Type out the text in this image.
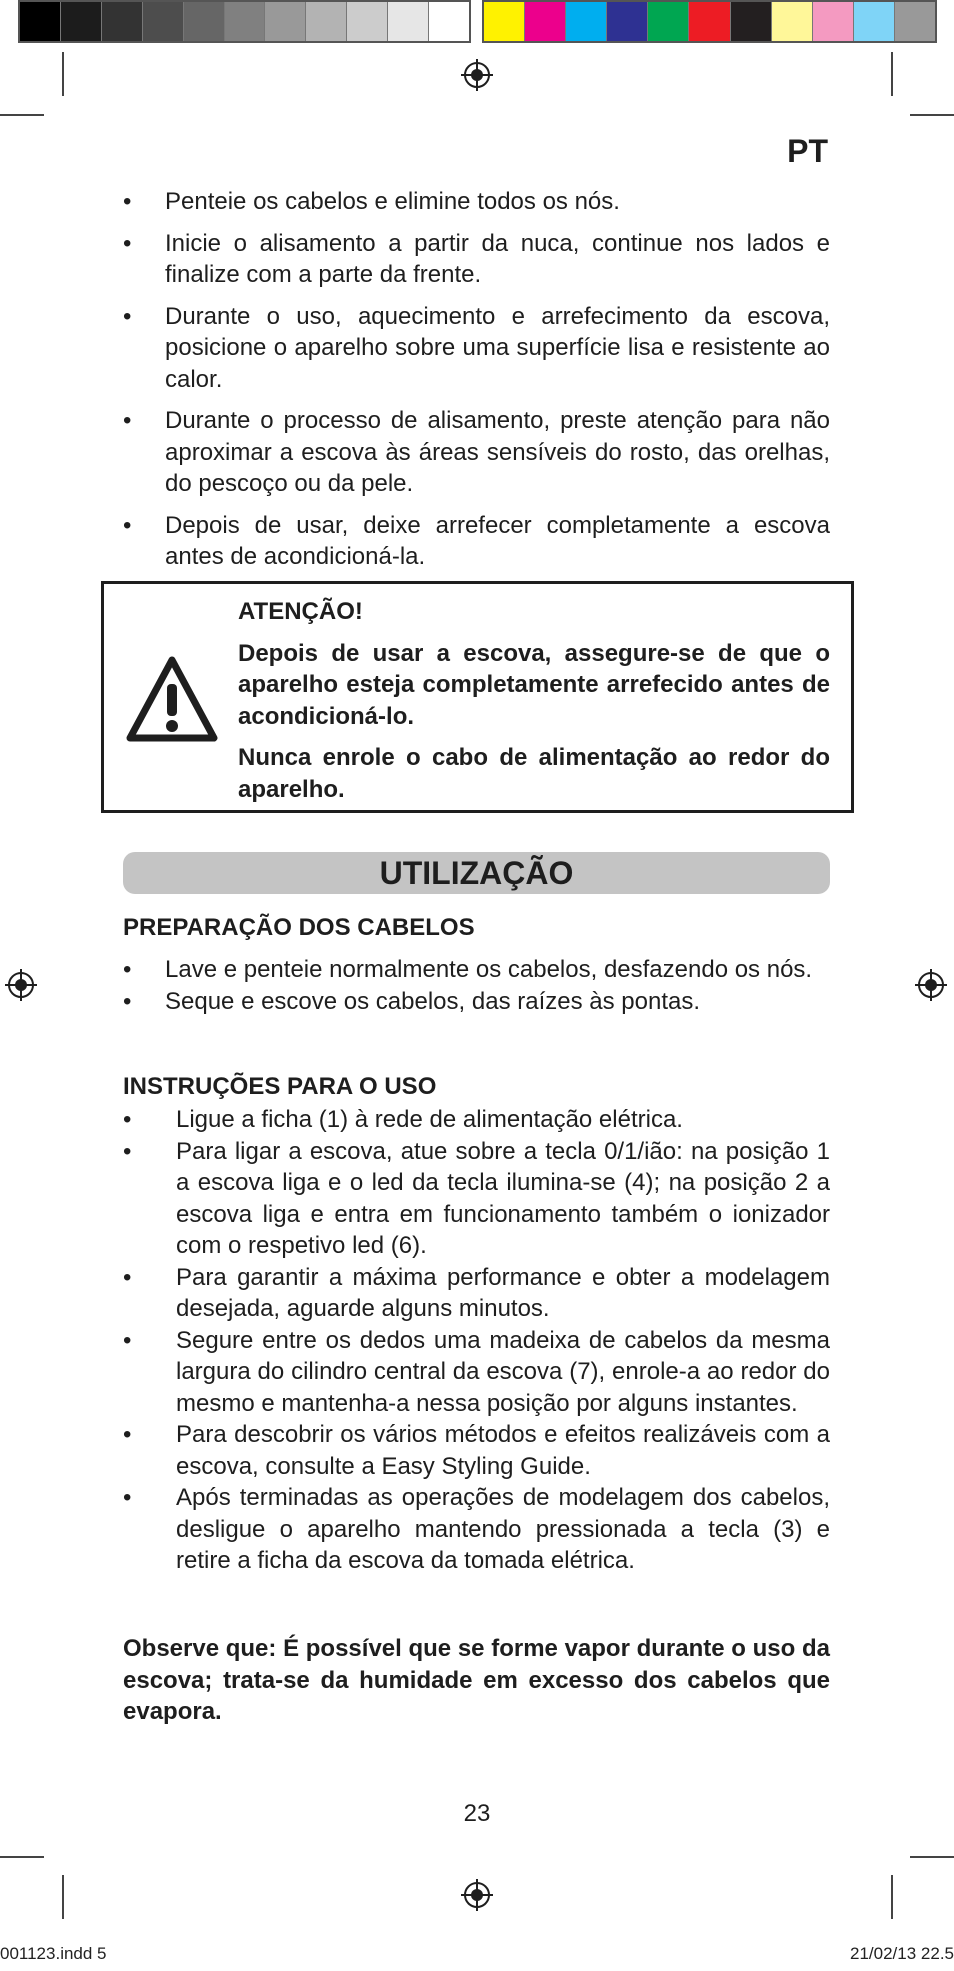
PT
• Penteie os cabelos e elimine todos os nós.
• Inicie o alisamento a partir da nuca, continue nos lados e finalize com a parte da frente.
• Durante o uso, aquecimento e arrefecimento da escova, posicione o aparelho sobre uma superfície lisa e resistente ao calor.
• Durante o processo de alisamento, preste atenção para não aproximar a escova às áreas sensíveis do rosto, das orelhas, do pescoço ou da pele.
• Depois de usar, deixe arrefecer completamente a escova antes de acondicioná-la.

ATENÇÃO!

Depois de usar a escova, assegure-se de que o aparelho esteja completamente arrefecido antes de acondicioná-lo.

Nunca enrole o cabo de alimentação ao redor do aparelho.

UTILIZAÇÃO
PREPARAÇÃO DOS CABELOS
• Lave e penteie normalmente os cabelos, desfazendo os nós.
• Seque e escove os cabelos, das raízes às pontas.
INSTRUÇÕES PARA O USO
• Ligue a ficha (1) à rede de alimentação elétrica.
• Para ligar a escova, atue sobre a tecla 0/1/ião: na posição 1 a escova liga e o led da tecla ilumina-se (4); na posição 2 a escova liga e entra em funcionamento também o ionizador com o respetivo led (6).
• Para garantir a máxima performance e obter a modelagem desejada, aguarde alguns minutos.
• Segure entre os dedos uma madeixa de cabelos da mesma largura do cilindro central da escova (7), enrole-a ao redor do mesmo e mantenha-a nessa posição por alguns instantes.
• Para descobrir os vários métodos e efeitos realizáveis com a escova, consulte a Easy Styling Guide.
• Após terminadas as operações de modelagem dos cabelos, desligue o aparelho mantendo pressionada a tecla (3) e retire a ficha da escova da tomada elétrica.
Observe que: É possível que se forme vapor durante o uso da escova; trata-se da humidade em excesso dos cabelos que evapora.
23
001123.indd 5	21/02/13 22.5
